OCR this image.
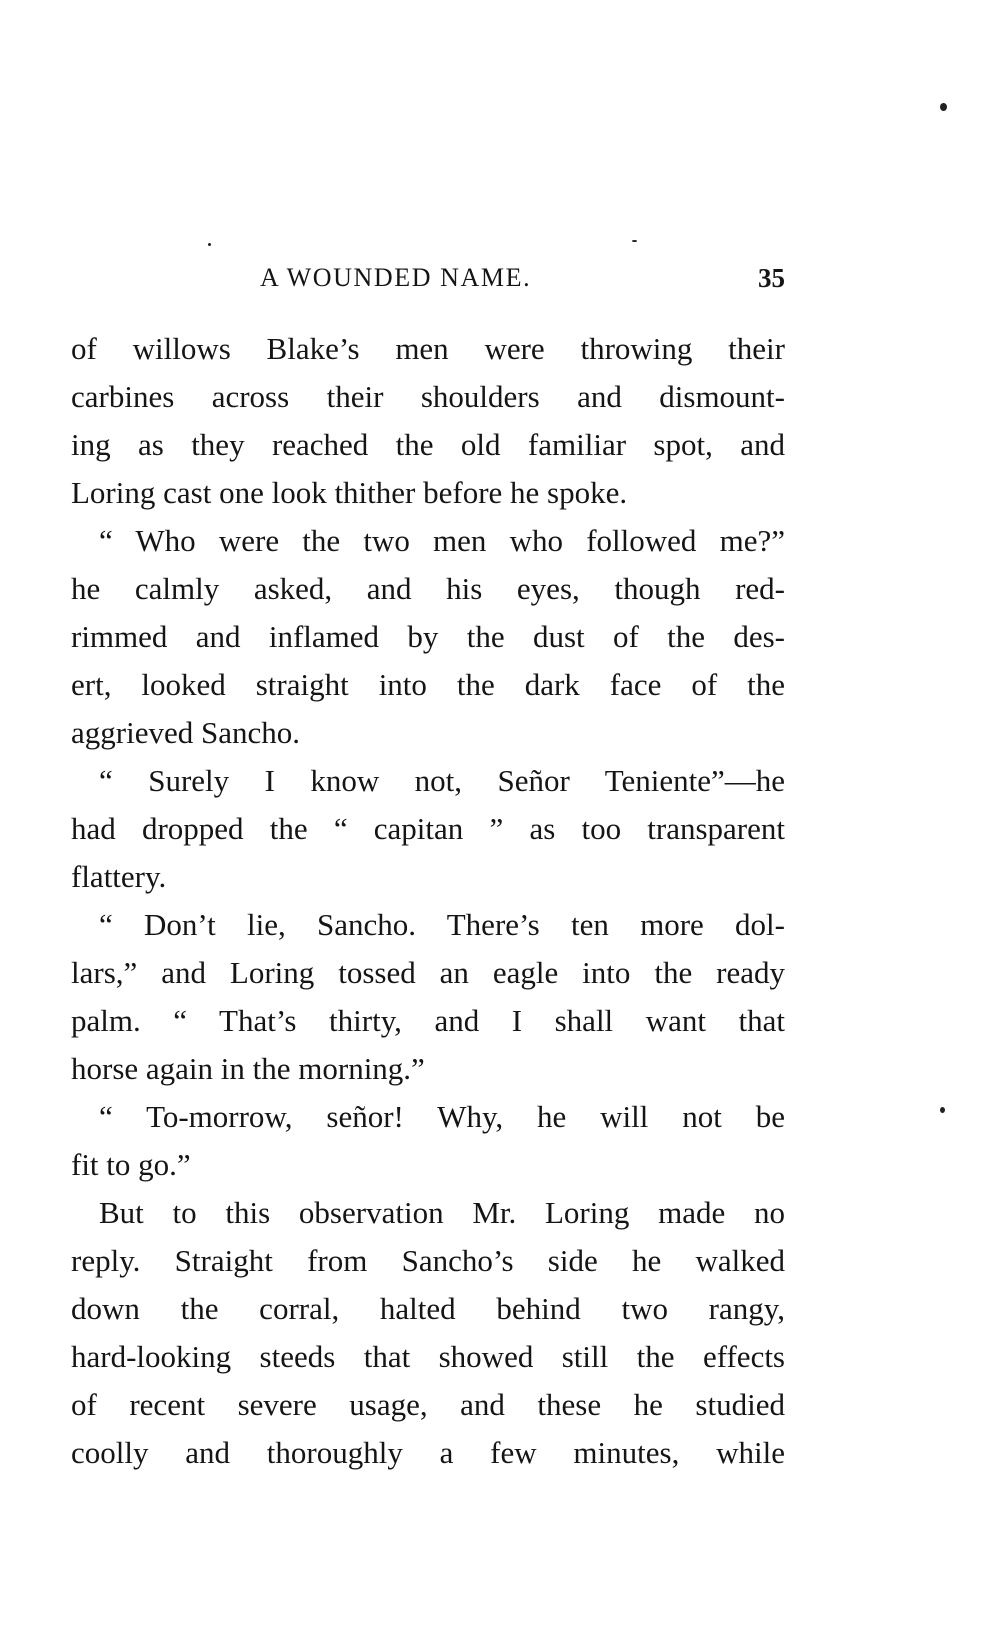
A WOUNDED NAME.	35
of willows Blake’s men were throwing their
carbines across their shoulders and dismount-
ing as they reached the old familiar spot, and
Loring cast one look thither before he spoke.
“ Who were the two men who followed me?”
he calmly asked, and his eyes, though red-
rimmed and inflamed by the dust of the des-
ert, looked straight into the dark face of the
aggrieved Sancho.
“ Surely I know not, Señor Teniente”—he
had dropped the “ capitan ” as too transparent
flattery.
“ Don’t lie, Sancho. There’s ten more dol-
lars,” and Loring tossed an eagle into the ready
palm. “ That’s thirty, and I shall want that
horse again in the morning.”
“ To-morrow, señor! Why, he will not be
fit to go.”
But to this observation Mr. Loring made no
reply. Straight from Sancho’s side he walked
down the corral, halted behind two rangy,
hard-looking steeds that showed still the effects
of recent severe usage, and these he studied
coolly and thoroughly a few minutes, while
